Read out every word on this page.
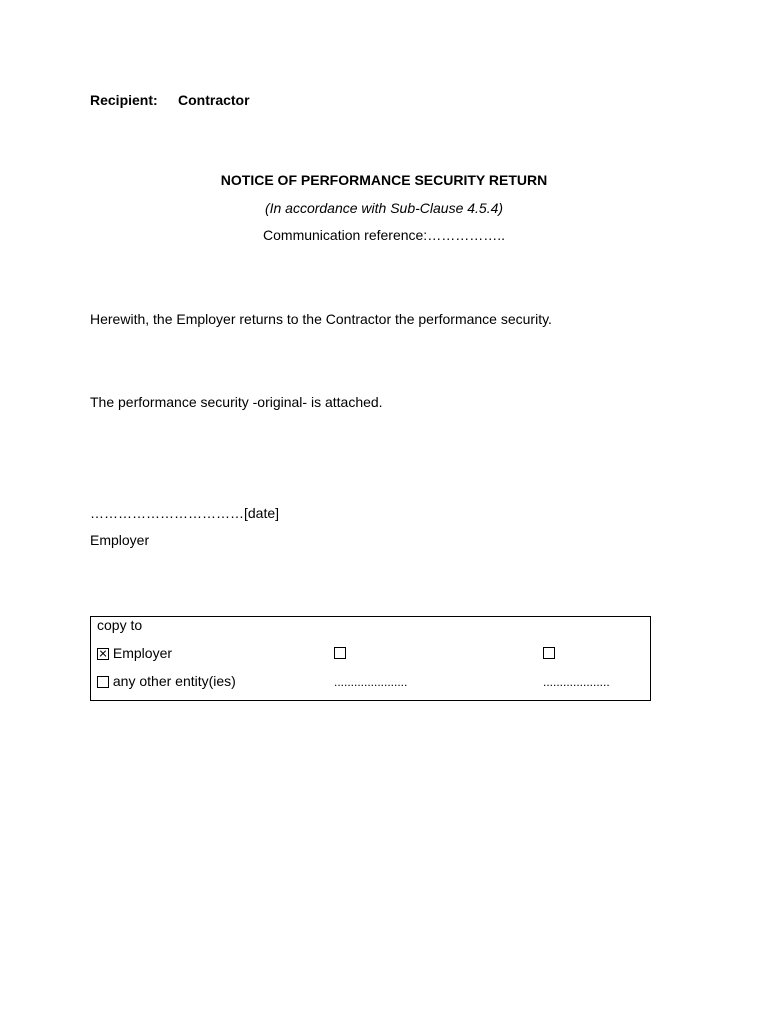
Recipient: Contractor
NOTICE OF PERFORMANCE SECURITY RETURN
(In accordance with Sub-Clause 4.5.4)
Communication reference:……………..
Herewith, the Employer returns to the Contractor the performance security.
The performance security -original- is attached.
……………………………[date]
Employer
copy to
Employer
any other entity(ies)	......................	....................
